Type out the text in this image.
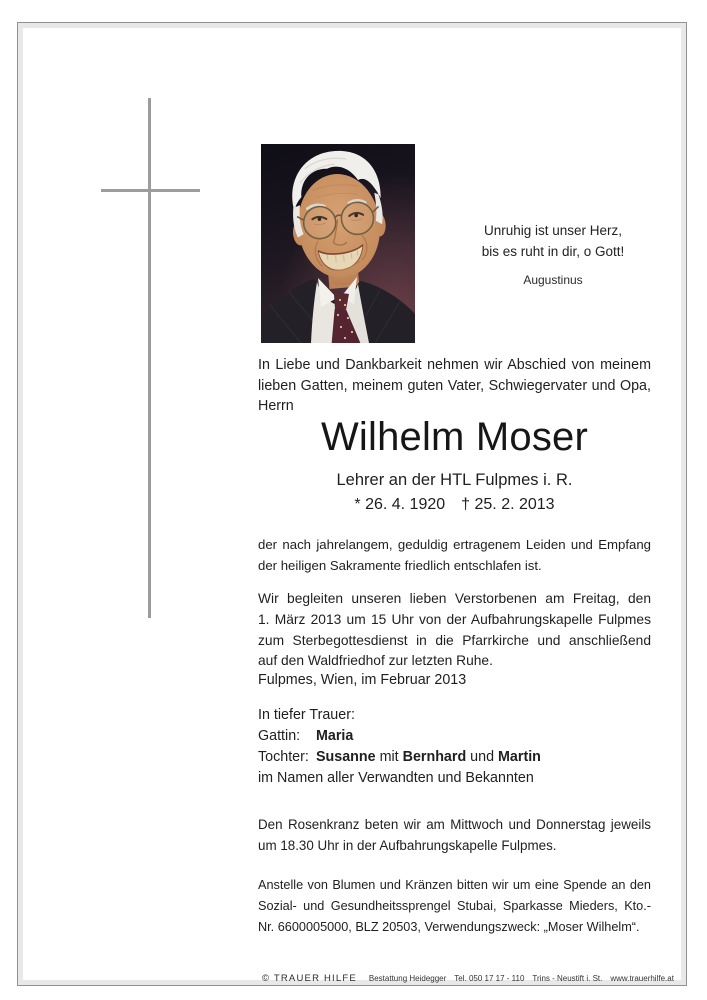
Unruhig ist unser Herz,
bis es ruht in dir, o Gott!
Augustinus
In Liebe und Dankbarkeit nehmen wir Abschied von meinem
lieben Gatten, meinem guten Vater, Schwiegervater und Opa,
Herrn
Wilhelm Moser
Lehrer an der HTL Fulpmes i. R.
* 26. 4. 1920 † 25. 2. 2013
der nach jahrelangem, geduldig ertragenem Leiden und Empfang
der heiligen Sakramente friedlich entschlafen ist.
Wir begleiten unseren lieben Verstorbenen am Freitag, den
1. März 2013 um 15 Uhr von der Aufbahrungskapelle Fulpmes
zum Sterbegottesdienst in die Pfarrkirche und anschließend
auf den Waldfriedhof zur letzten Ruhe.
Fulpmes, Wien, im Februar 2013
In tiefer Trauer:
Gattin: Maria
Tochter: Susanne mit Bernhard und Martin
im Namen aller Verwandten und Bekannten
Den Rosenkranz beten wir am Mittwoch und Donnerstag jeweils
um 18.30 Uhr in der Aufbahrungskapelle Fulpmes.
Anstelle von Blumen und Kränzen bitten wir um eine Spende an den
Sozial- und Gesundheitssprengel Stubai, Sparkasse Mieders, Kto.-
Nr. 6600005000, BLZ 20503, Verwendungszweck: „Moser Wilhelm“.
© TRAUER HILFE Bestattung Heidegger Tel. 050 17 17 - 110 Trins - Neustift i. St. www.trauerhilfe.at
